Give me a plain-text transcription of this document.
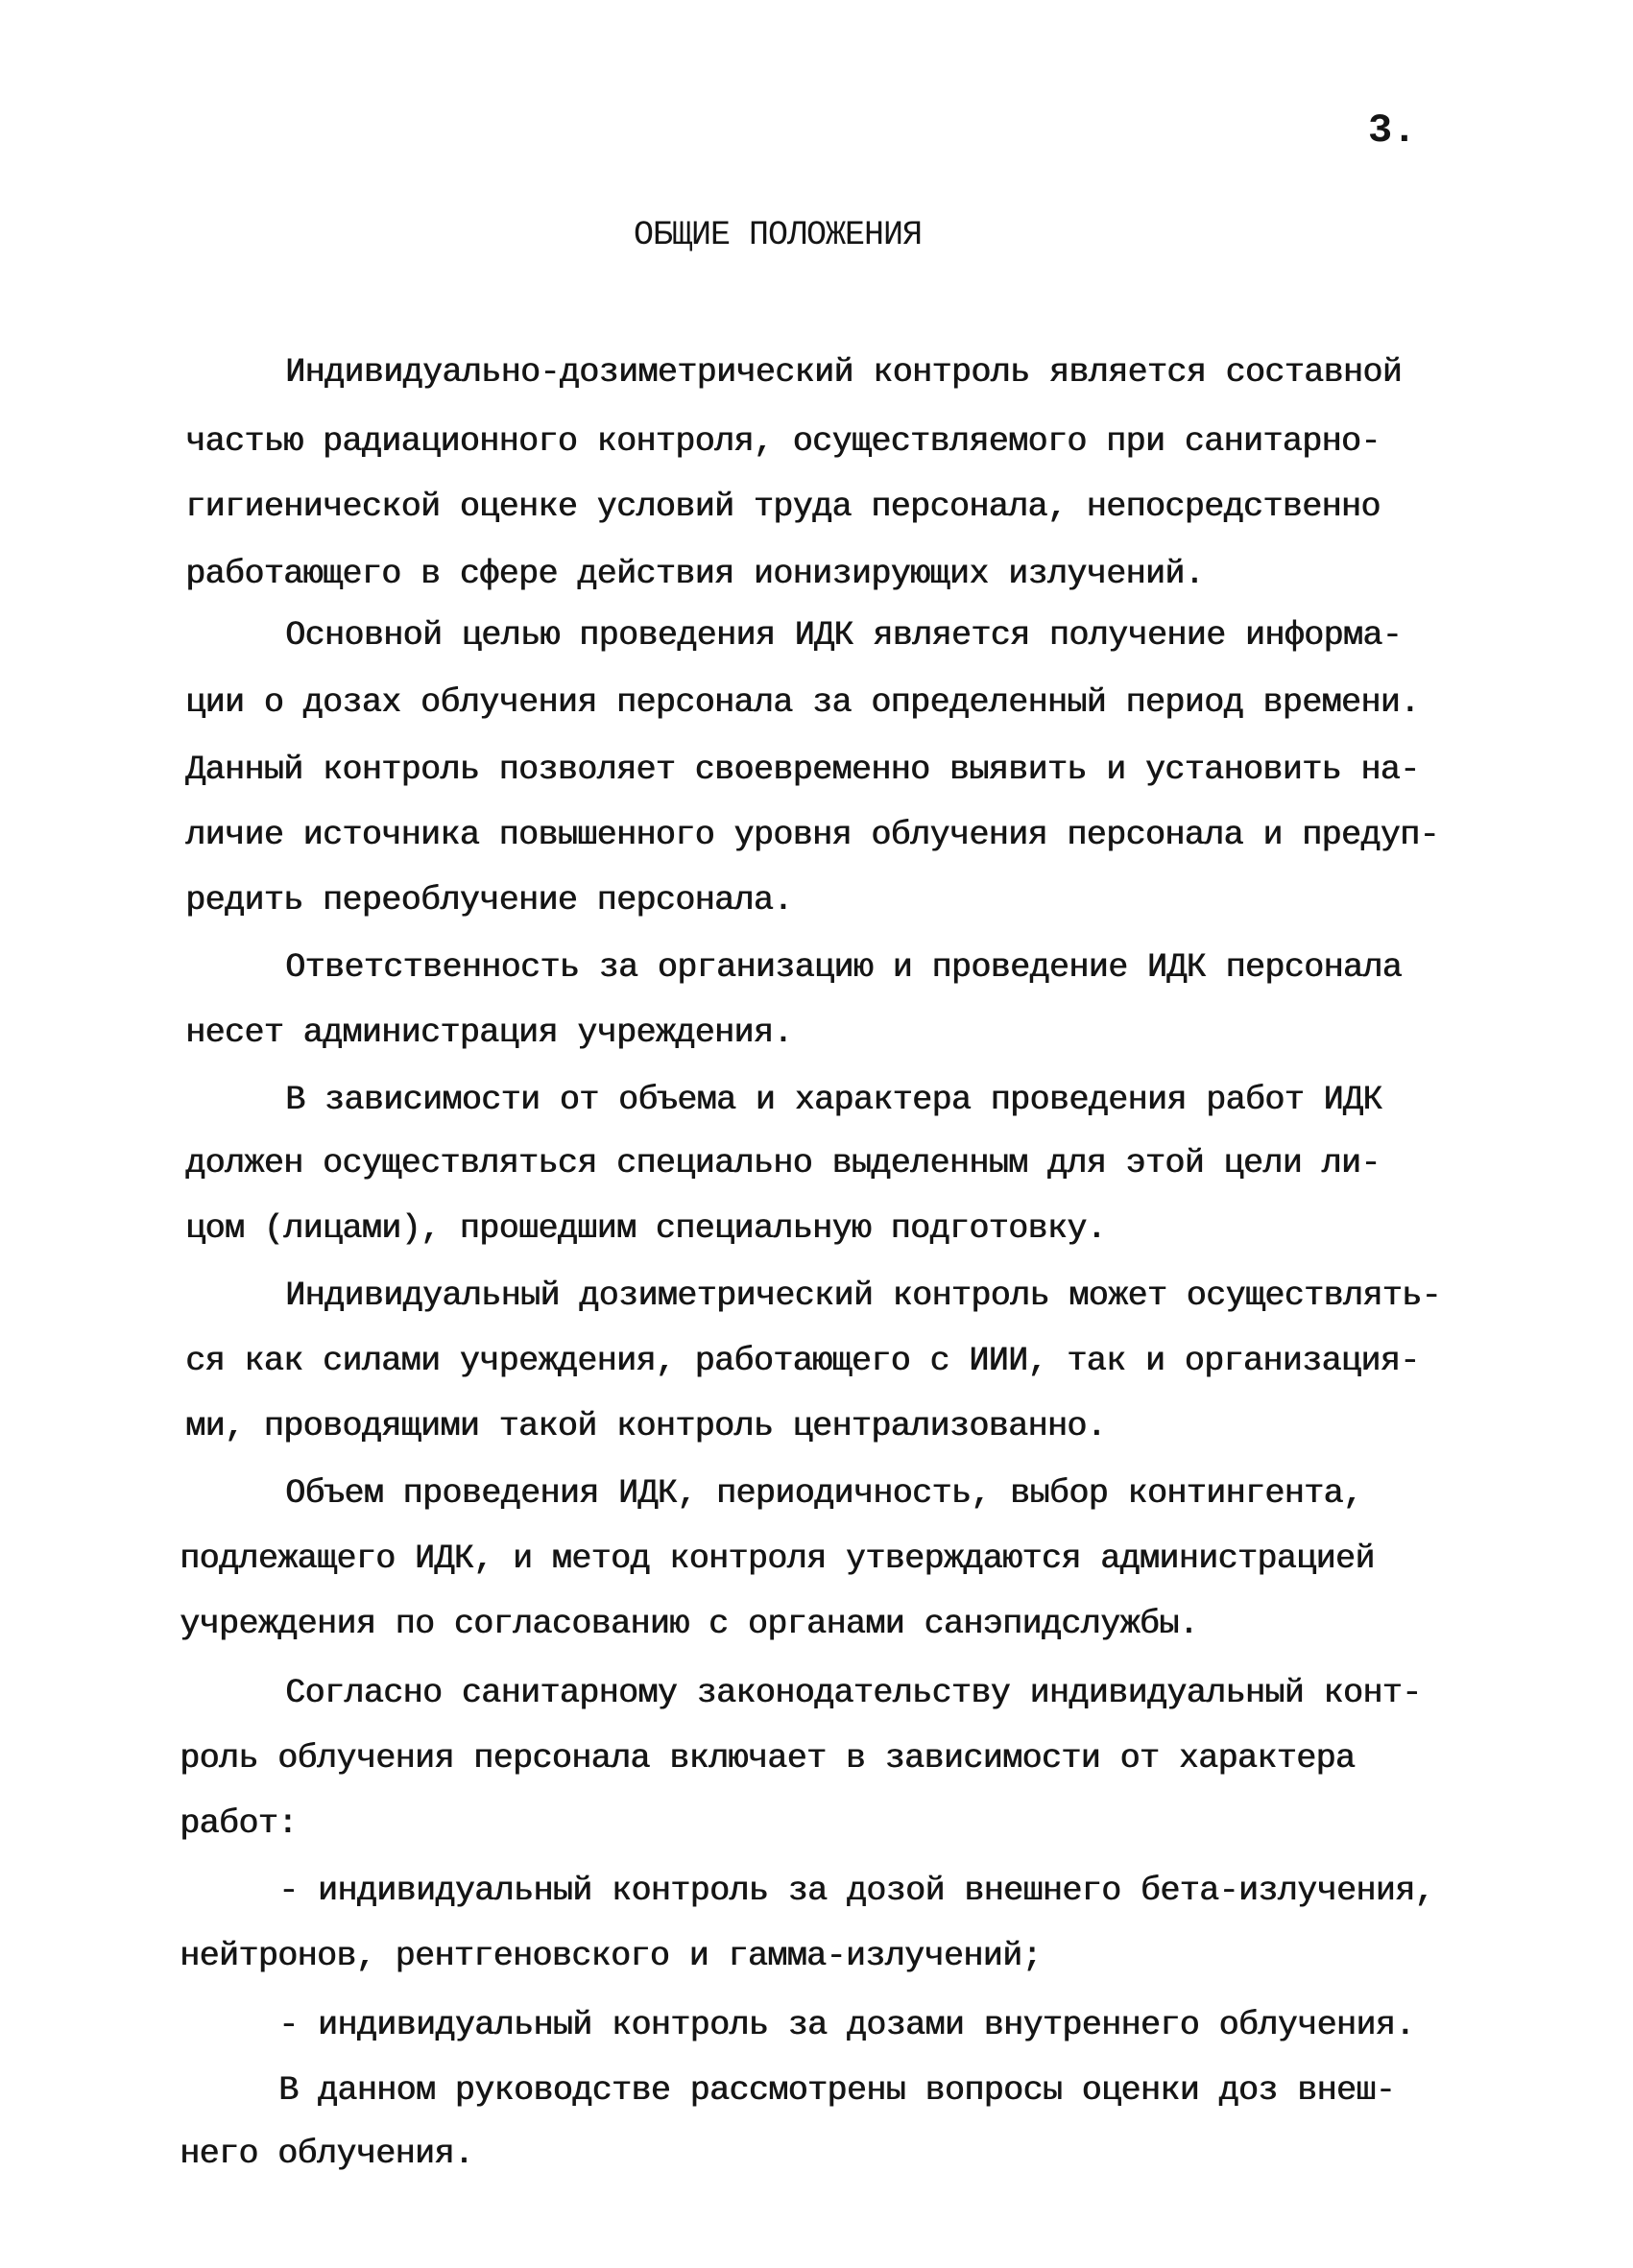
3.
ОБЩИЕ ПОЛОЖЕНИЯ
Индивидуально-дозиметрический контроль является составной
частью радиационного контроля, осуществляемого при санитарно-
гигиенической оценке условий труда персонала, непосредственно
работающего в сфере действия ионизирующих излучений.
Основной целью проведения ИДК является получение информа-
ции о дозах облучения персонала за определенный период времени.
Данный контроль позволяет своевременно выявить и установить на-
личие источника повышенного уровня облучения персонала и предуп-
редить переоблучение персонала.
Ответственность за организацию и проведение ИДК персонала
несет администрация учреждения.
В зависимости от объема и характера проведения работ ИДК
должен осуществляться специально выделенным для этой цели ли-
цом (лицами), прошедшим специальную подготовку.
Индивидуальный дозиметрический контроль может осуществлять-
ся как силами учреждения, работающего с ИИИ, так и организация-
ми, проводящими такой контроль централизованно.
Объем проведения ИДК, периодичность, выбор контингента,
подлежащего ИДК, и метод контроля утверждаются администрацией
учреждения по согласованию с органами санэпидслужбы.
Согласно санитарному законодательству индивидуальный конт-
роль облучения персонала включает в зависимости от характера
работ:
- индивидуальный контроль за дозой внешнего бета-излучения,
нейтронов, рентгеновского и гамма-излучений;
- индивидуальный контроль за дозами внутреннего облучения.
В данном руководстве рассмотрены вопросы оценки доз внеш-
него облучения.
